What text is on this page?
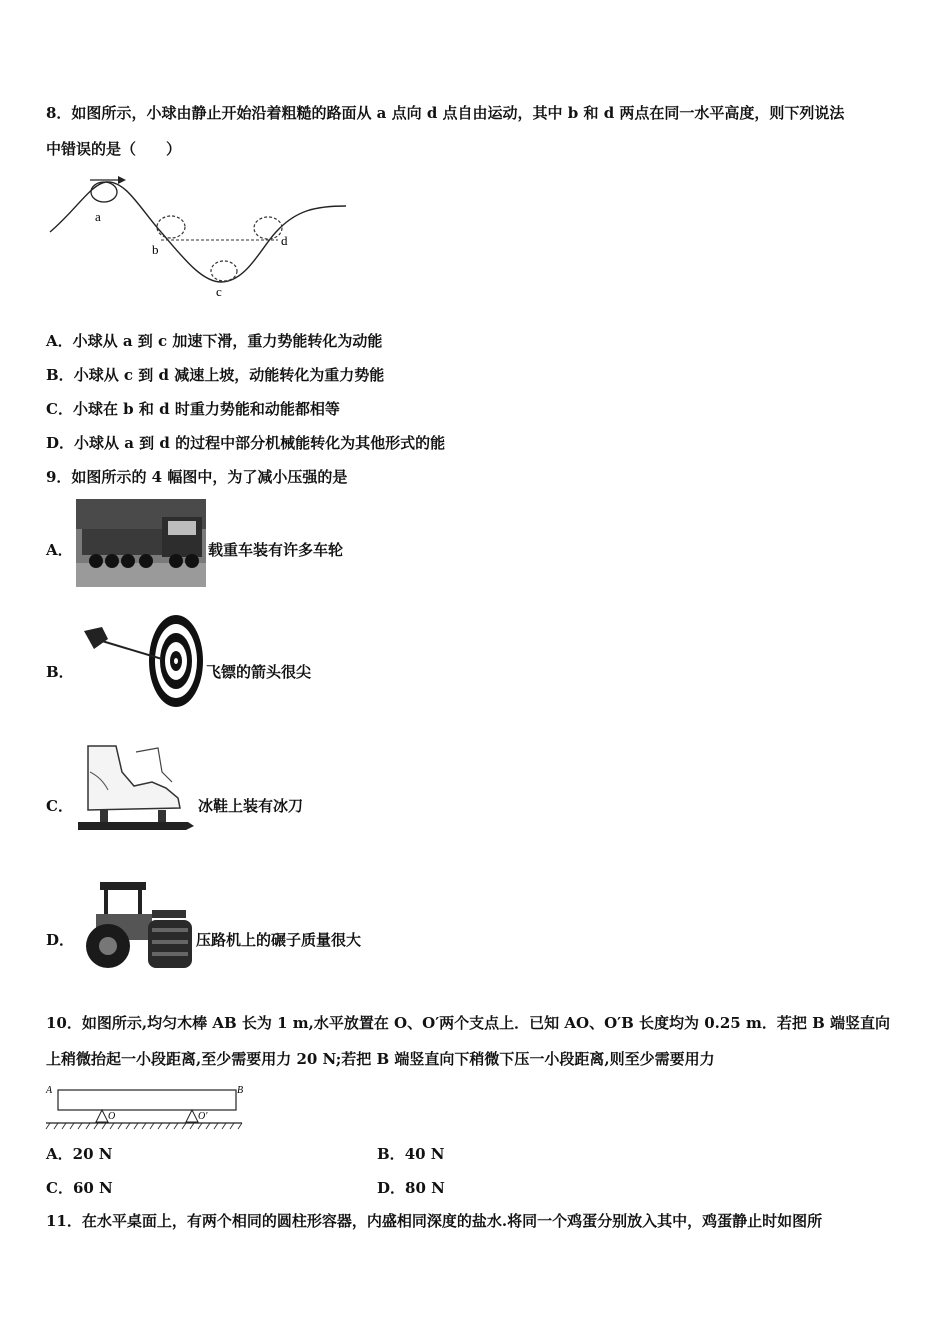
8．如图所示，小球由静止开始沿着粗糙的路面从 a 点向 d 点自由运动，其中 b 和 d 两点在同一水平高度，则下列说法
中错误的是（　　）
a
b
c
d
A．小球从 a 到 c 加速下滑，重力势能转化为动能
B．小球从 c 到 d 减速上坡，动能转化为重力势能
C．小球在 b 和 d 时重力势能和动能都相等
D．小球从 a 到 d 的过程中部分机械能转化为其他形式的能
9．如图所示的 4 幅图中，为了减小压强的是
A．	载重车装有许多车轮
B．	飞镖的箭头很尖
C．	冰鞋上装有冰刀
D．	压路机上的碾子质量很大
10．如图所示,均匀木棒 AB 长为 1 m,水平放置在 O、O′两个支点上．已知 AO、O′B 长度均为 0.25 m．若把 B 端竖直向
上稍微抬起一小段距离,至少需要用力 20 N;若把 B 端竖直向下稍微下压一小段距离,则至少需要用力
A	B
O	O′
A．20 N	B．40 N
C．60 N	D．80 N
11．在水平桌面上，有两个相同的圆柱形容器，内盛相同深度的盐水.将同一个鸡蛋分别放入其中，鸡蛋静止时如图所
